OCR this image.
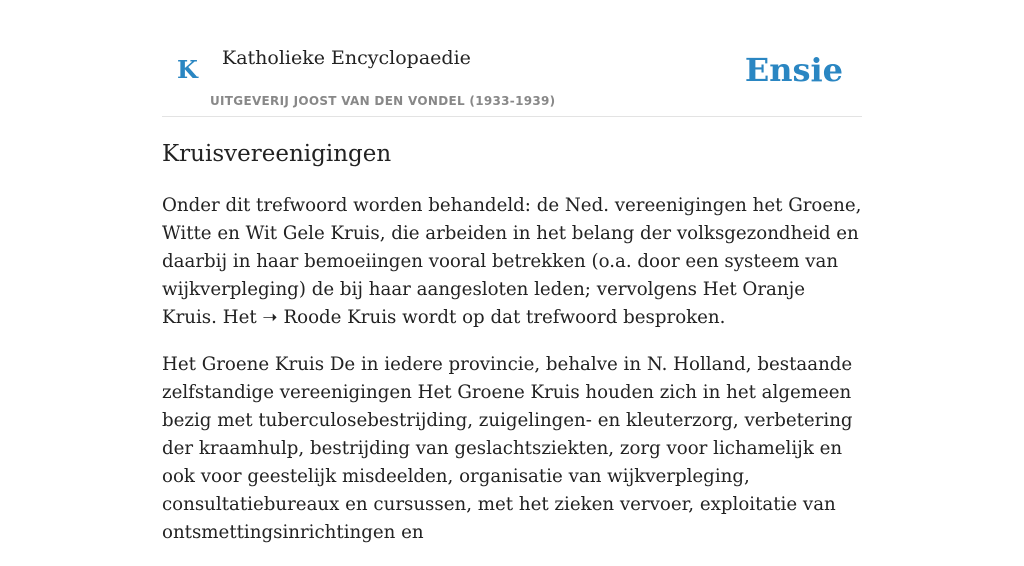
K Katholieke Encyclopaedie
UITGEVERIJ JOOST VAN DEN VONDEL (1933-1939)
Ensie
Kruisvereenigingen

Onder dit trefwoord worden behandeld: de Ned. vereenigingen het Groene, Witte en Wit Gele Kruis, die arbeiden in het belang der volksgezondheid en daarbij in haar bemoeiingen vooral betrekken (o.a. door een systeem van wijkverpleging) de bij haar aangesloten leden; vervolgens Het Oranje Kruis. Het ➝ Roode Kruis wordt op dat trefwoord besproken.

Het Groene Kruis De in iedere provincie, behalve in N. Holland, bestaande zelfstandige vereenigingen Het Groene Kruis houden zich in het algemeen bezig met tuberculosebestrijding, zuigelingen- en kleuterzorg, verbetering der kraamhulp, bestrijding van geslachtsziekten, zorg voor lichamelijk en ook voor geestelijk misdeelden, organisatie van wijkverpleging, consultatiebureaux en cursussen, met het zieken vervoer, exploitatie van ontsmettingsinrichtingen en
